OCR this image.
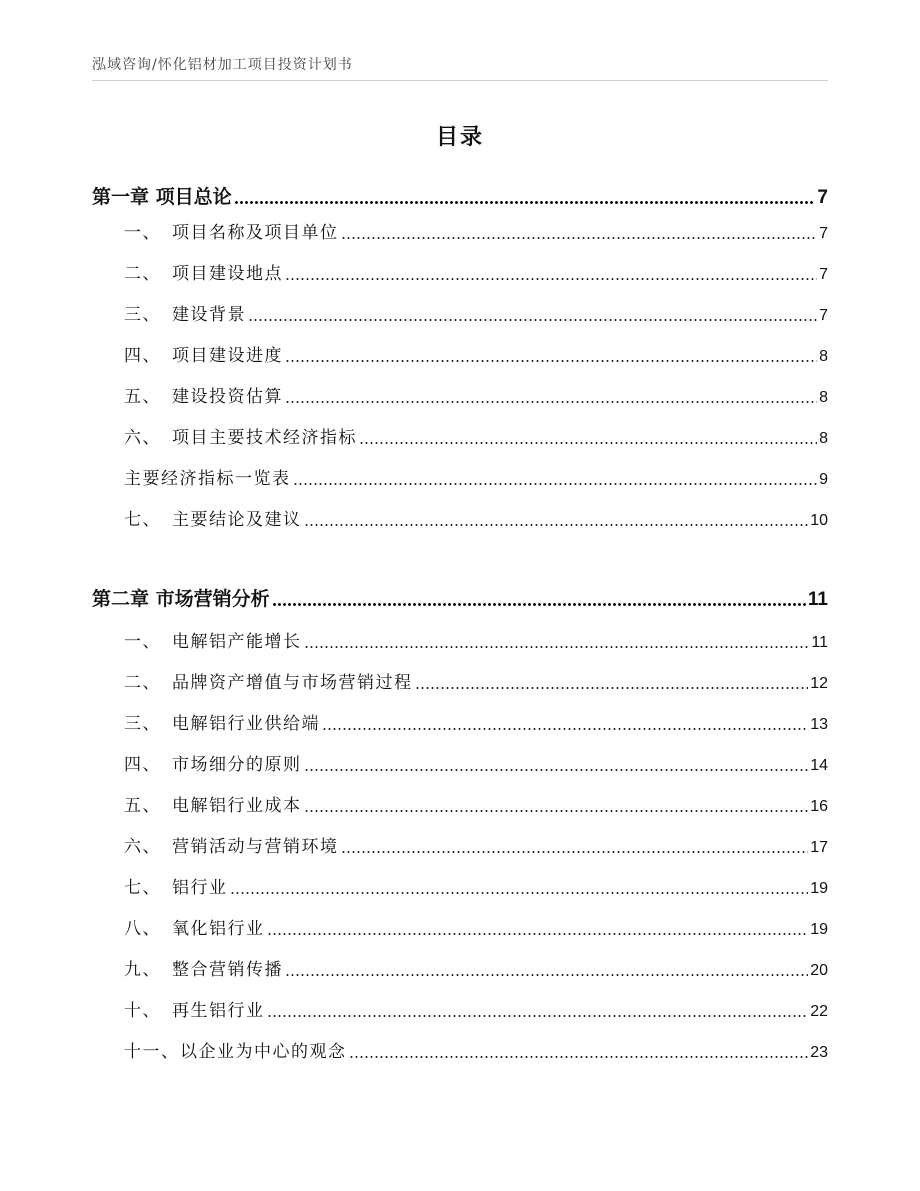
泓域咨询/怀化铝材加工项目投资计划书
目录
第一章 项目总论	7
一、 项目名称及项目单位	7
二、 项目建设地点	7
三、 建设背景	7
四、 项目建设进度	8
五、 建设投资估算	8
六、 项目主要技术经济指标	8
主要经济指标一览表	9
七、 主要结论及建议	10
第二章 市场营销分析	11
一、 电解铝产能增长	11
二、 品牌资产增值与市场营销过程	12
三、 电解铝行业供给端	13
四、 市场细分的原则	14
五、 电解铝行业成本	16
六、 营销活动与营销环境	17
七、 铝行业	19
八、 氧化铝行业	19
九、 整合营销传播	20
十、 再生铝行业	22
十一、以企业为中心的观念	23
